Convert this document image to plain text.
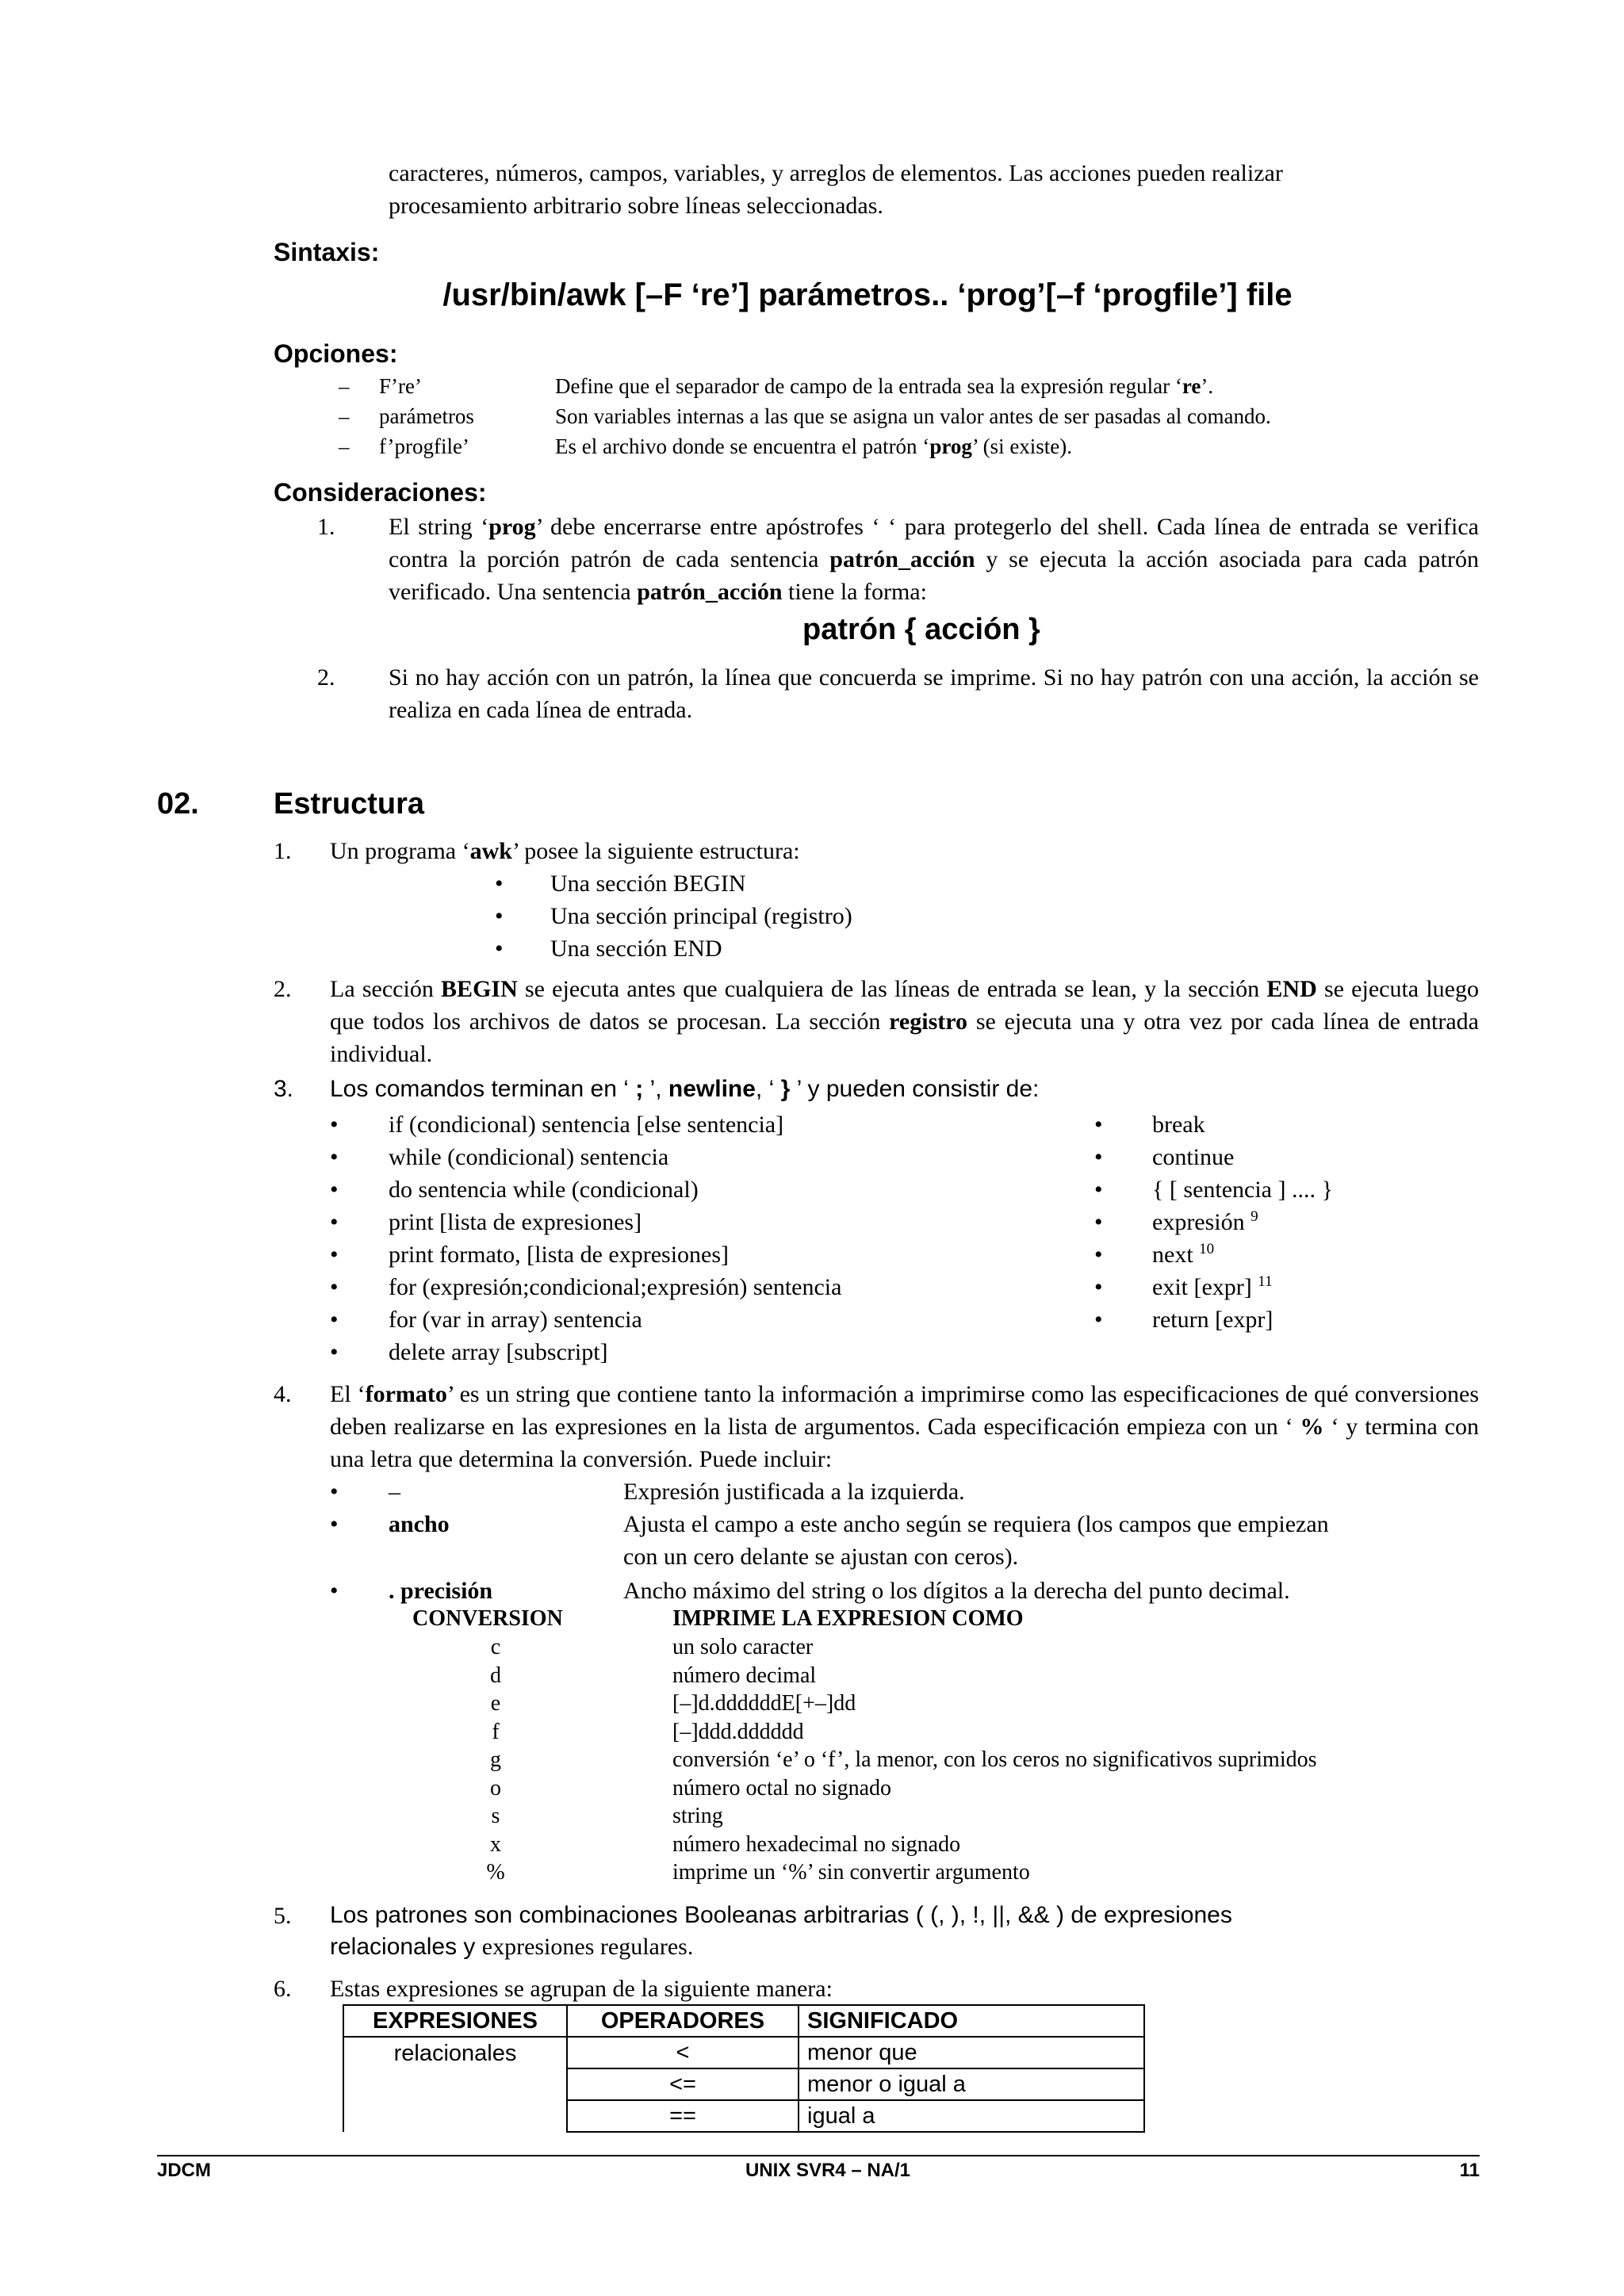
caracteres, números, campos, variables, y arreglos de elementos. Las acciones pueden realizar
procesamiento arbitrario sobre líneas seleccionadas.
Sintaxis:
/usr/bin/awk [–F ‘re’] parámetros.. ‘prog’[–f ‘progfile’] file
Opciones:
– F’re’	Define que el separador de campo de la entrada sea la expresión regular ‘re’.
– parámetros	Son variables internas a las que se asigna un valor antes de ser pasadas al comando.
– f’progfile’	Es el archivo donde se encuentra el patrón ‘prog’ (si existe).
Consideraciones:
1. El string ‘prog’ debe encerrarse entre apóstrofes ‘ ‘ para protegerlo del shell. Cada línea de entrada se verifica contra la porción patrón de cada sentencia patrón_acción y se ejecuta la acción asociada para cada patrón verificado. Una sentencia patrón_acción tiene la forma:
patrón { acción }
2. Si no hay acción con un patrón, la línea que concuerda se imprime. Si no hay patrón con una acción, la acción se realiza en cada línea de entrada.
02. Estructura
1. Un programa ‘awk’ posee la siguiente estructura:
• Una sección BEGIN
• Una sección principal (registro)
• Una sección END
2. La sección BEGIN se ejecuta antes que cualquiera de las líneas de entrada se lean, y la sección END se ejecuta luego que todos los archivos de datos se procesan. La sección registro se ejecuta una y otra vez por cada línea de entrada individual.
3. Los comandos terminan en ‘ ; ’, newline, ‘ } ’ y pueden consistir de:
• if (condicional) sentencia [else sentencia]
• while (condicional) sentencia
• do sentencia while (condicional)
• print [lista de expresiones]
• print formato, [lista de expresiones]
• for (expresión;condicional;expresión) sentencia
• for (var in array) sentencia
• delete array [subscript]
• break
• continue
• { [ sentencia ] .... }
• expresión $^9$
• next $^{10}$
• exit [expr] $^{11}$
• return [expr]
4. El ‘formato’ es un string que contiene tanto la información a imprimirse como las especificaciones de qué conversiones deben realizarse en las expresiones en la lista de argumentos. Cada especificación empieza con un ‘ % ‘ y termina con una letra que determina la conversión. Puede incluir:
• –	Expresión justificada a la izquierda.
• ancho	Ajusta el campo a este ancho según se requiera (los campos que empiezan
con un cero delante se ajustan con ceros).
• . precisión	Ancho máximo del string o los dígitos a la derecha del punto decimal.
CONVERSION	IMPRIME LA EXPRESION COMO
c	un solo caracter
d	número decimal
e	[–]d.ddddddE[+–]dd
f	[–]ddd.dddddd
g	conversión ‘e’ o ‘f’, la menor, con los ceros no significativos suprimidos
o	número octal no signado
s	string
x	número hexadecimal no signado
%	imprime un ‘%’ sin convertir argumento
5. Los patrones son combinaciones Booleanas arbitrarias ( (, ), !, ||, && ) de expresiones
relacionales y expresiones regulares.
6. Estas expresiones se agrupan de la siguiente manera:
EXPRESIONES	OPERADORES	SIGNIFICADO
relacionales	<	menor que
	<=	menor o igual a
	==	igual a
JDCM	UNIX SVR4 – NA/1	11
